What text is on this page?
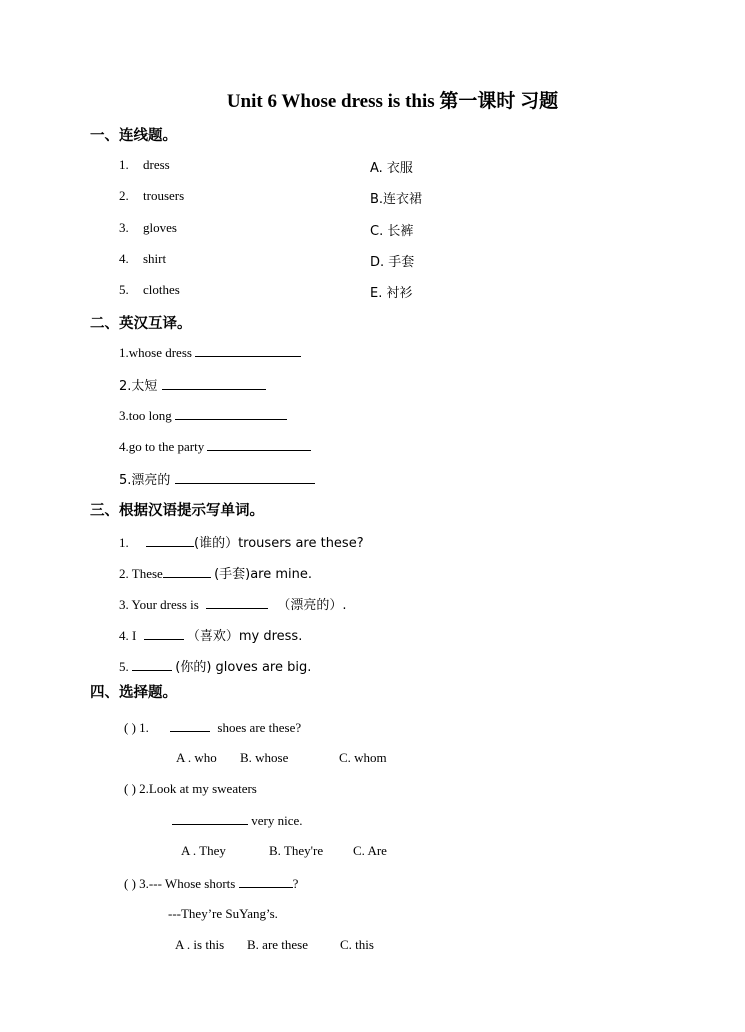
Unit 6 Whose dress is this 第一课时 习题
一、连线题。
1. dress
2. trousers
3. gloves
4. shirt
5. clothes
A. 衣服
B.连衣裙
C. 长裤
D. 手套
E. 衬衫
二、英汉互译。
1.whose dress
2.太短
3.too long
4.go to the party
5.漂亮的
三、根据汉语提示写单词。
1.	(谁的）trousers are these?
2. These	(手套)are mine.
3. Your dress is	（漂亮的）.
4. I	（喜欢）my dress.
5.	(你的) gloves are big.
四、选择题。
( ) 1.	shoes are these?
A . who B. whose	C. whom
( ) 2.Look at my sweaters
very nice.
A . They	B. They're C. Are
( ) 3.--- Whose shorts	?
---They’re SuYang’s.
A . is this B. are these C. this
